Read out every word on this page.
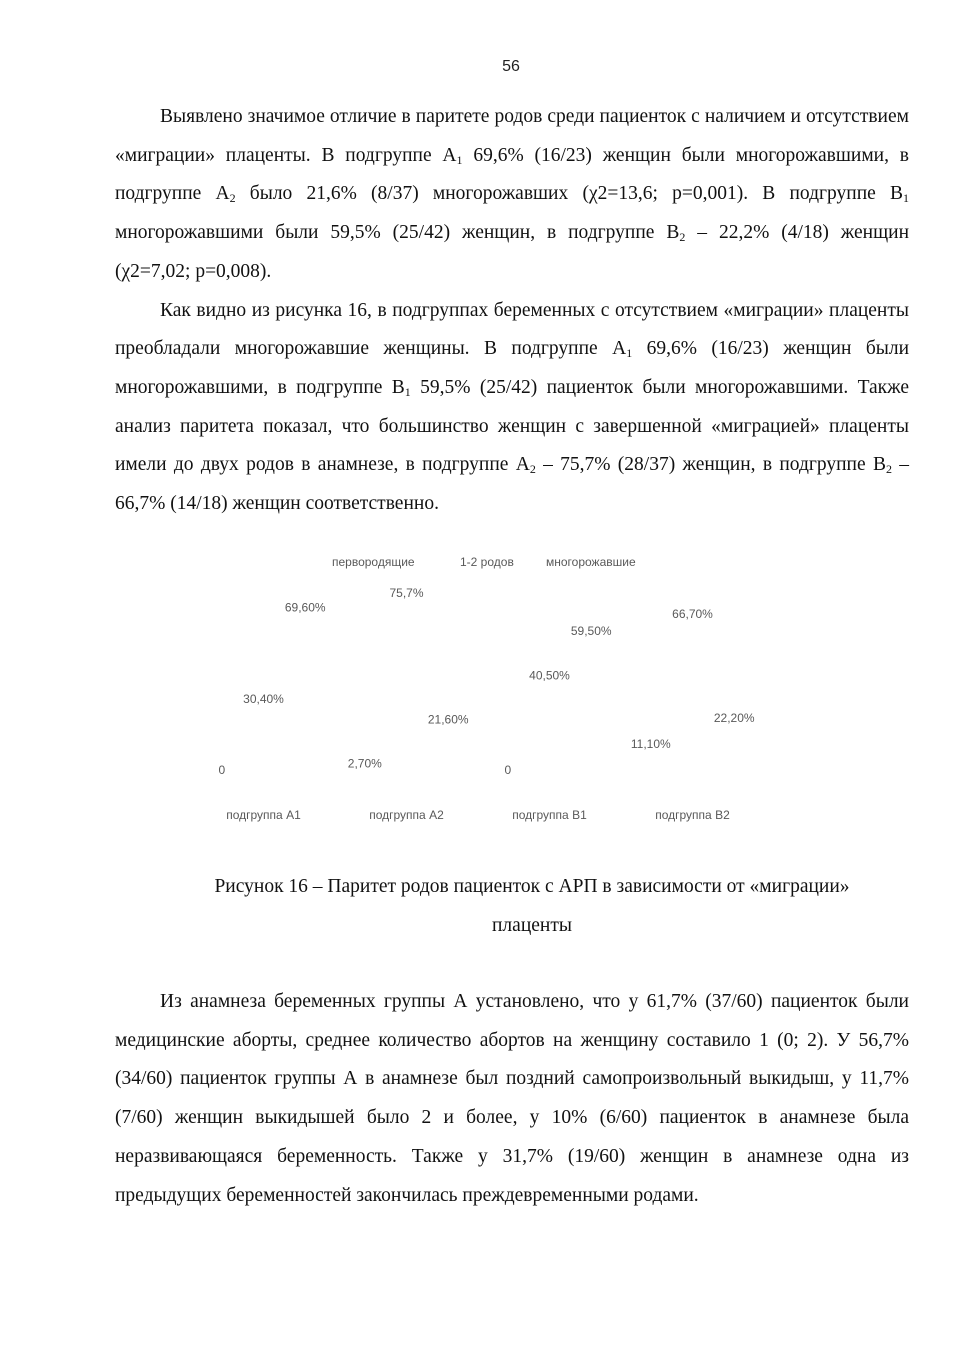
56

Выявлено значимое отличие в паритете родов среди пациенток с наличием и отсутствием «миграции» плаценты. В подгруппе $А_1$ 69,6% (16/23) женщин были многорожавшими, в подгруппе $А_2$ было 21,6% (8/37) многорожавших (χ2=13,6; p=0,001). В подгруппе $В_1$ многорожавшими были 59,5% (25/42) женщин, в подгруппе $В_2 - 22,2\%$ (4/18) женщин (χ2=7,02; p=0,008).

Как видно из рисунка 16, в подгруппах беременных с отсутствием «миграции» плаценты преобладали многорожавшие женщины. В подгруппе $А_1$ 69,6% (16/23) женщин были многорожавшими, в подгруппе $В_1$ 59,5% (25/42) пациенток были многорожавшими. Также анализ паритета показал, что большинство женщин с завершенной «миграцией» плаценты имели до двух родов в анамнезе, в подгруппе $А_2 - 75,7\%$ (28/37) женщин, в подгруппе $В_2 - 66,7\%$ (14/18) женщин соответственно.

первородящие	1-2 родов	многорожавшие
подгруппа А1	подгруппа А2	подгруппа В1	подгруппа В2
0	2,70%	0
11,10%
30,40%
75,7%
40,50%
66,70%
69,60%
21,60%
59,50%
22,20%
Рисунок 16 – Паритет родов пациенток с АРП в зависимости от «миграции»
плаценты

Из анамнеза беременных группы А установлено, что у 61,7% (37/60) пациенток были медицинские аборты, среднее количество абортов на женщину составило 1 (0; 2). У 56,7% (34/60) пациенток группы А в анамнезе был поздний самопроизвольный выкидыш, у 11,7% (7/60) женщин выкидышей было 2 и более, у 10% (6/60) пациенток в анамнезе была неразвивающаяся беременность. Также у 31,7% (19/60) женщин в анамнезе одна из предыдущих беременностей закончилась преждевременными родами.
